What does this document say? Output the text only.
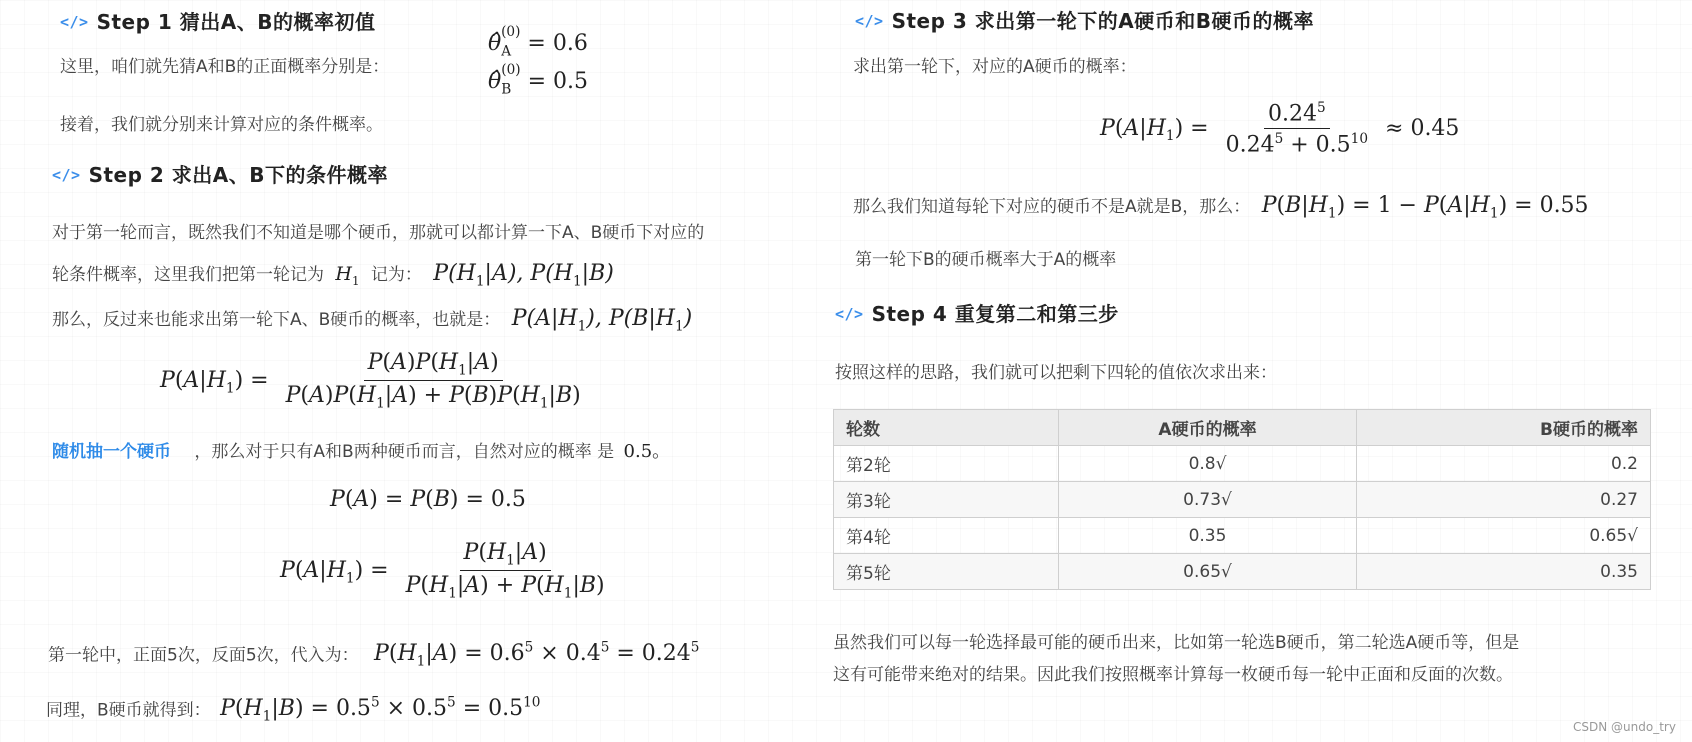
</> Step 1 猜出A、B的概率初值
这里，咱们就先猜A和B的正面概率分别是：
$\thetâ_A^{(0)} = 0.6$
$\thetâ_B^{(0)} = 0.5$
接着，我们就分别来计算对应的条件概率。
</> Step 2 求出A、B下的条件概率
对于第一轮而言，既然我们不知道是哪个硬币，那就可以都计算一下A、B硬币下对应的
轮条件概率，这里我们把第一轮记为 $H_1$ 记为： $P(H_1|A)$, $P(H_1|B)$
那么，反过来也能求出第一轮下A、B硬币的概率，也就是： $P(A|H_1)$, $P(B|H_1)$
$P(A|H_1) = \frac{P(A)P(H_1|A)}{P(A)P(H_1|A) + P(B)P(H_1|B)}$
随机抽一个硬币 ，那么对于只有A和B两种硬币而言，自然对应的概率 是 0.5。
P(A) = P(B) = 0.5
$P(A|H_1) = \frac{P(H_1|A)}{P(H_1|A) + P(H_1|B)}$
第一轮中，正面5次，反面5次，代入为： $P(H_1|A) = 0.6^5 \times 0.4^5 = 0.24^5$
同理，B硬币就得到： $P(H_1|B) = 0.5^5 \times 0.5^5 = 0.5^{10}$
</> Step 3 求出第一轮下的A硬币和B硬币的概率
求出第一轮下，对应的A硬币的概率：
$P(A|H_1) = \frac{0.24^5}{0.24^5 + 0.5^{10}} \approx 0.45$
那么我们知道每轮下对应的硬币不是A就是B，那么： $P(B|H_1) = 1 - P(A|H_1) = 0.55$
第一轮下B的硬币概率大于A的概率
</> Step 4 重复第二和第三步
按照这样的思路，我们就可以把剩下四轮的值依次求出来：
轮数	A硬币的概率	B硬币的概率
第2轮	0.8√	0.2
第3轮	0.73√	0.27
第4轮	0.35	0.65√
第5轮	0.65√	0.35
虽然我们可以每一轮选择最可能的硬币出来，比如第一轮选B硬币，第二轮选A硬币等，但是
这有可能带来绝对的结果。因此我们按照概率计算每一枚硬币每一轮中正面和反面的次数。
CSDN @undo_try
